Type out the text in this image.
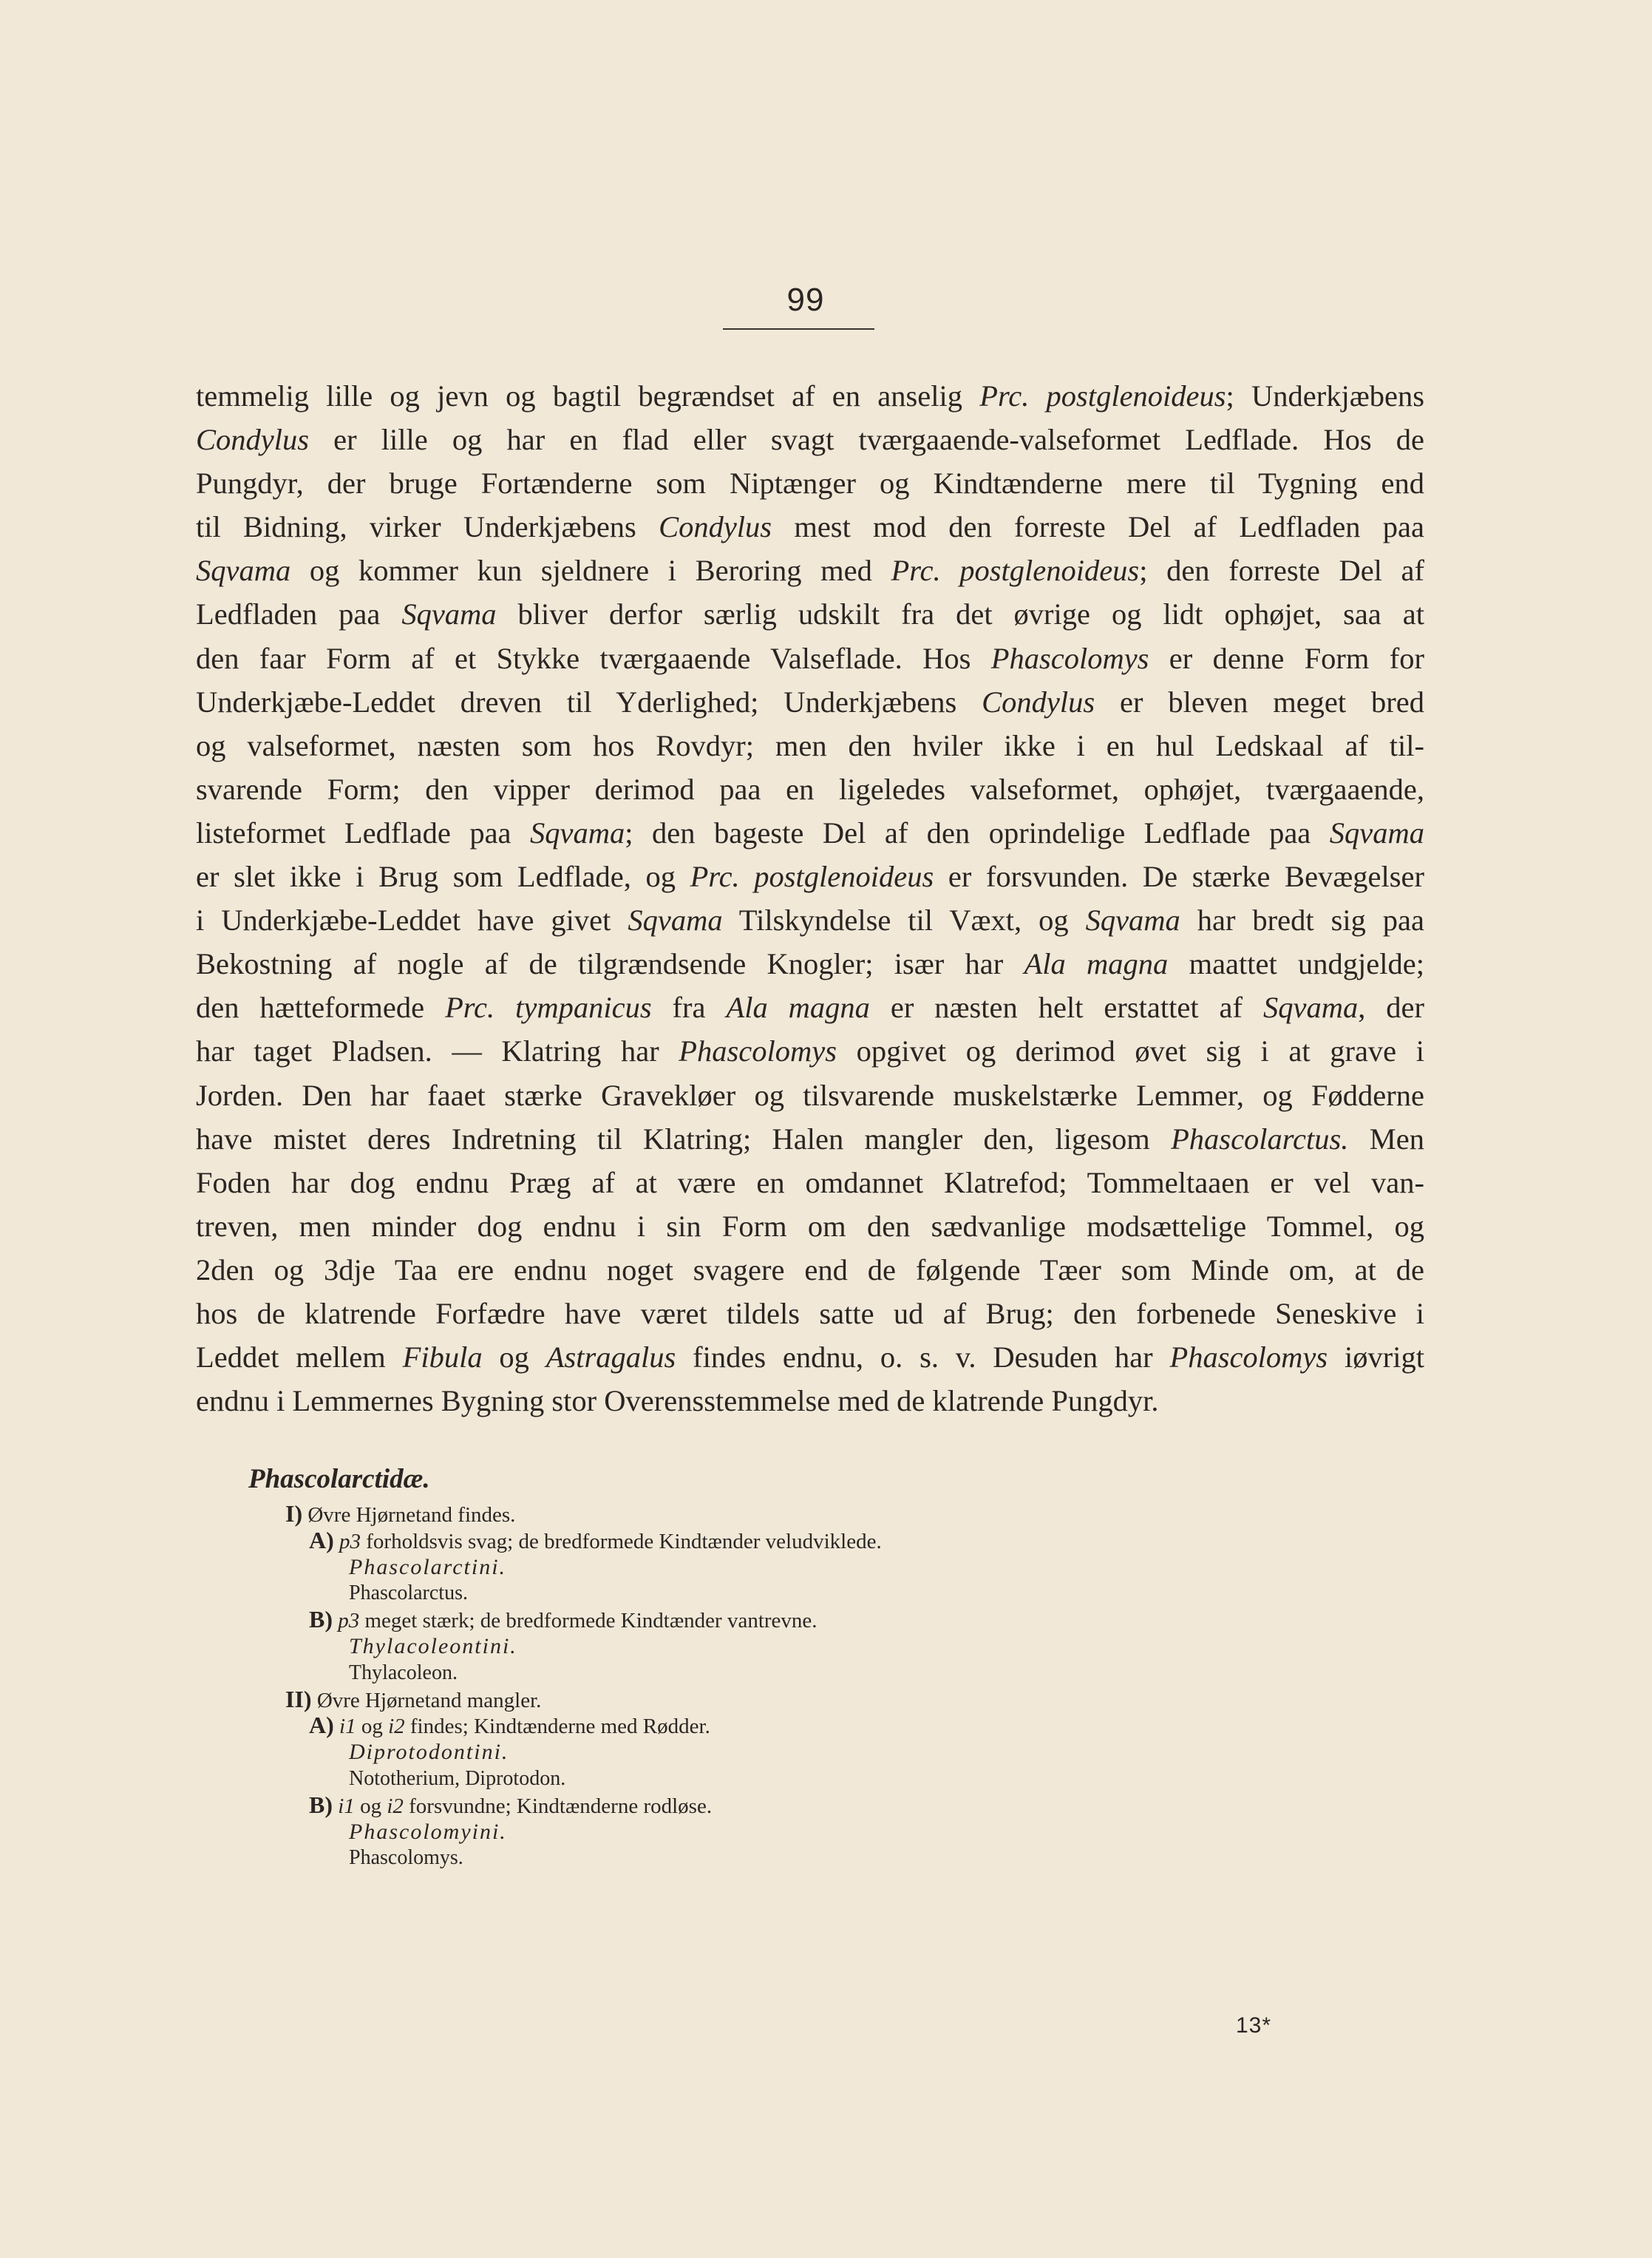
99
temmelig lille og jevn og bagtil begrændset af en anselig Prc. postglenoideus; Underkjæbens
Condylus er lille og har en flad eller svagt tværgaaende-valseformet Ledflade. Hos de
Pungdyr, der bruge Fortænderne som Niptænger og Kindtænderne mere til Tygning end
til Bidning, virker Underkjæbens Condylus mest mod den forreste Del af Ledfladen paa
Sqvama og kommer kun sjeldnere i Beroring med Prc. postglenoideus; den forreste Del af
Ledfladen paa Sqvama bliver derfor særlig udskilt fra det øvrige og lidt ophøjet, saa at
den faar Form af et Stykke tværgaaende Valseflade. Hos Phascolomys er denne Form for
Underkjæbe-Leddet dreven til Yderlighed; Underkjæbens Condylus er bleven meget bred
og valseformet, næsten som hos Rovdyr; men den hviler ikke i en hul Ledskaal af til-
svarende Form; den vipper derimod paa en ligeledes valseformet, ophøjet, tværgaaende,
listeformet Ledflade paa Sqvama; den bageste Del af den oprindelige Ledflade paa Sqvama
er slet ikke i Brug som Ledflade, og Prc. postglenoideus er forsvunden. De stærke Bevægelser
i Underkjæbe-Leddet have givet Sqvama Tilskyndelse til Væxt, og Sqvama har bredt sig paa
Bekostning af nogle af de tilgrændsende Knogler; især har Ala magna maattet undgjelde;
den hætteformede Prc. tympanicus fra Ala magna er næsten helt erstattet af Sqvama, der
har taget Pladsen. — Klatring har Phascolomys opgivet og derimod øvet sig i at grave i
Jorden. Den har faaet stærke Gravekløer og tilsvarende muskelstærke Lemmer, og Fødderne
have mistet deres Indretning til Klatring; Halen mangler den, ligesom Phascolarctus. Men
Foden har dog endnu Præg af at være en omdannet Klatrefod; Tommeltaaen er vel van-
treven, men minder dog endnu i sin Form om den sædvanlige modsættelige Tommel, og
2den og 3dje Taa ere endnu noget svagere end de følgende Tæer som Minde om, at de
hos de klatrende Forfædre have været tildels satte ud af Brug; den forbenede Seneskive i
Leddet mellem Fibula og Astragalus findes endnu, o. s. v. Desuden har Phascolomys iøvrigt
endnu i Lemmernes Bygning stor Overensstemmelse med de klatrende Pungdyr.
Phascolarctidæ.
I) Øvre Hjørnetand findes.
A) p3 forholdsvis svag; de bredformede Kindtænder veludviklede.
Phascolarctini.
Phascolarctus.
B) p3 meget stærk; de bredformede Kindtænder vantrevne.
Thylacoleontini.
Thylacoleon.
II) Øvre Hjørnetand mangler.
A) i1 og i2 findes; Kindtænderne med Rødder.
Diprotodontini.
Nototherium, Diprotodon.
B) i1 og i2 forsvundne; Kindtænderne rodløse.
Phascolomyini.
Phascolomys.
13*
